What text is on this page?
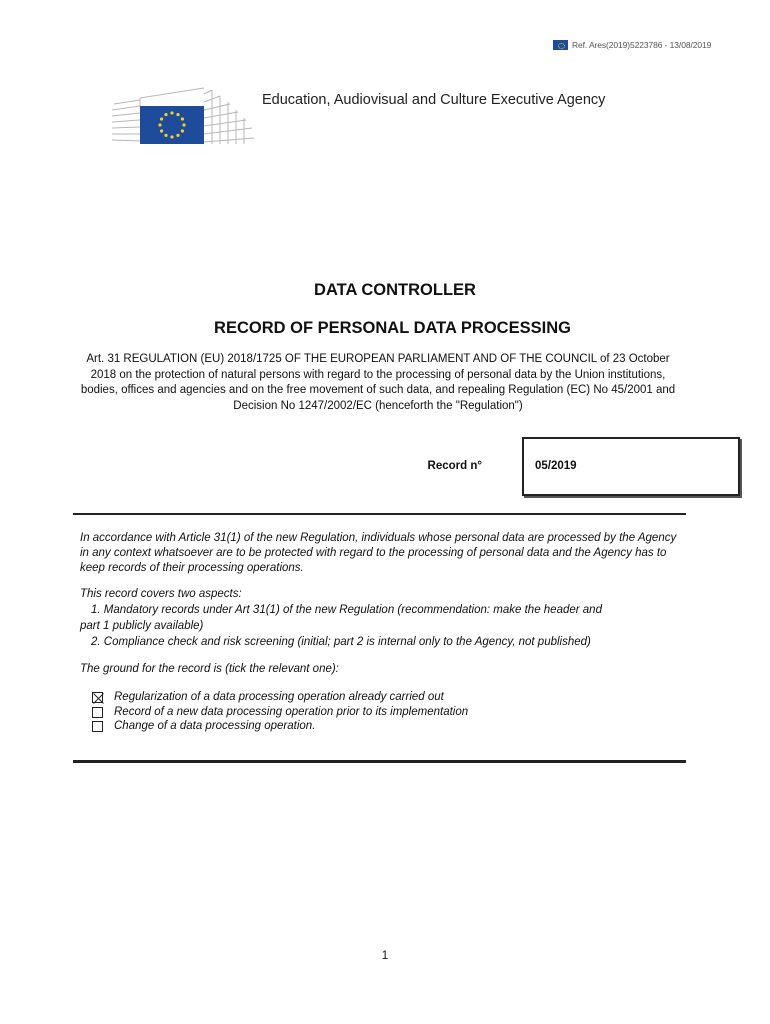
Ref. Ares(2019)5223786 - 13/08/2019
Education, Audiovisual and Culture Executive Agency
DATA CONTROLLER
RECORD OF PERSONAL DATA PROCESSING
Art. 31 REGULATION (EU) 2018/1725 OF THE EUROPEAN PARLIAMENT AND OF THE COUNCIL of 23 October 2018 on the protection of natural persons with regard to the processing of personal data by the Union institutions, bodies, offices and agencies and on the free movement of such data, and repealing Regulation (EC) No 45/2001 and Decision No 1247/2002/EC (henceforth the "Regulation")
Record n°	05/2019
In accordance with Article 31(1) of the new Regulation, individuals whose personal data are processed by the Agency in any context whatsoever are to be protected with regard to the processing of personal data and the Agency has to keep records of their processing operations.
This record covers two aspects:
1. Mandatory records under Art 31(1) of the new Regulation (recommendation: make the header and
part 1 publicly available)
2. Compliance check and risk screening (initial; part 2 is internal only to the Agency, not published)
The ground for the record is (tick the relevant one):
Regularization of a data processing operation already carried out
Record of a new data processing operation prior to its implementation
Change of a data processing operation.
1
